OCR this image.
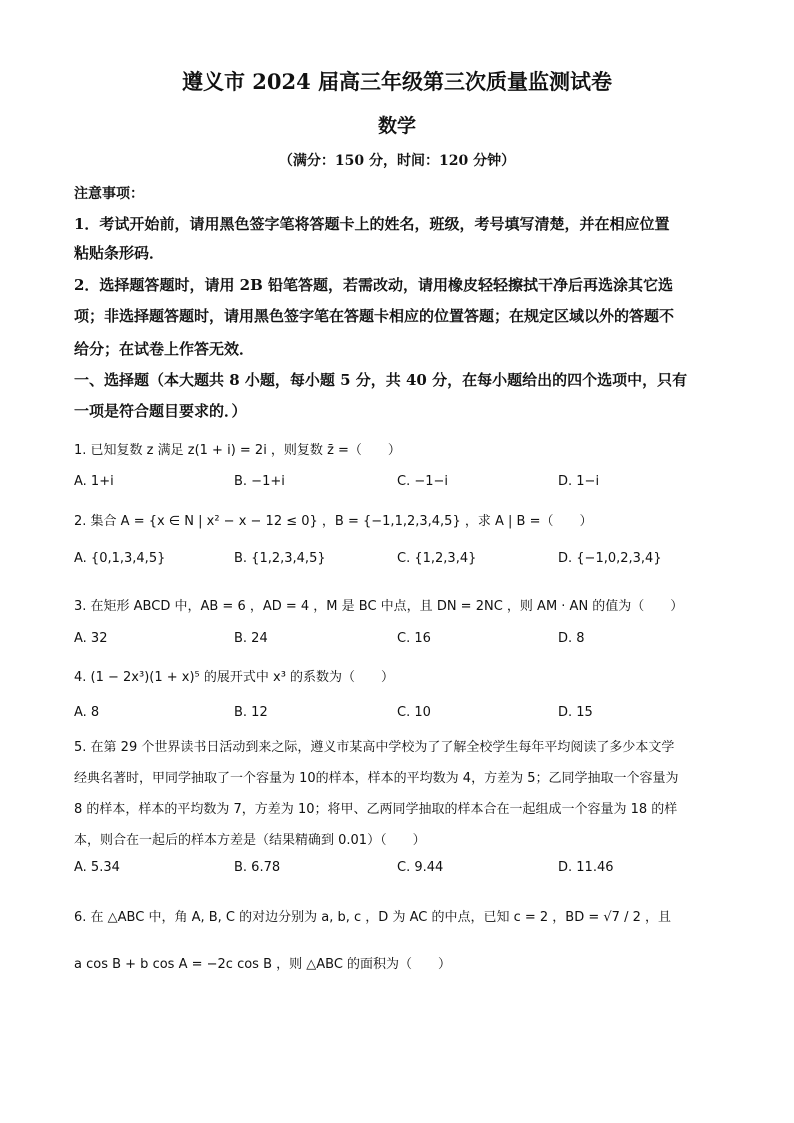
遵义市 2024 届高三年级第三次质量监测试卷
数学
（满分：150 分，时间：120 分钟）
注意事项：
1．考试开始前，请用黑色签字笔将答题卡上的姓名，班级，考号填写清楚，并在相应位置
粘贴条形码．
2．选择题答题时，请用 2B 铅笔答题，若需改动，请用橡皮轻轻擦拭干净后再选涂其它选
项；非选择题答题时，请用黑色签字笔在答题卡相应的位置答题；在规定区域以外的答题不
给分；在试卷上作答无效．
一、选择题（本大题共 8 小题，每小题 5 分，共 40 分，在每小题给出的四个选项中，只有
一项是符合题目要求的．）
1. 已知复数 z 满足 z(1 + i) = 2i ，则复数 z̄ =（　　）
A. 1+i	B. −1+i	C. −1−i	D. 1−i
2. 集合 A = {x ∈ N | x² − x − 12 ≤ 0} ，B = {−1,1,2,3,4,5} ，求 A | B =（　　）
A. {0,1,3,4,5}	B. {1,2,3,4,5}	C. {1,2,3,4}	D. {−1,0,2,3,4}
3. 在矩形 ABCD 中，AB = 6 ，AD = 4 ，M 是 BC 中点，且 DN = 2NC ，则 AM · AN 的值为（　　）
A. 32	B. 24	C. 16	D. 8
4. (1 − 2x³)(1 + x)⁵ 的展开式中 x³ 的系数为（　　）
A. 8	B. 12	C. 10	D. 15
5. 在第 29 个世界读书日活动到来之际，遵义市某高中学校为了了解全校学生每年平均阅读了多少本文学
经典名著时，甲同学抽取了一个容量为 10的样本，样本的平均数为 4，方差为 5；乙同学抽取一个容量为
8 的样本，样本的平均数为 7，方差为 10；将甲、乙两同学抽取的样本合在一起组成一个容量为 18 的样
本，则合在一起后的样本方差是（结果精确到 0.01）（　　）
A. 5.34	B. 6.78	C. 9.44	D. 11.46
6. 在 △ABC 中，角 A, B, C 的对边分别为 a, b, c ，D 为 AC 的中点，已知 c = 2 ，BD = √7 / 2 ，且
a cos B + b cos A = −2c cos B ，则 △ABC 的面积为（　　）
